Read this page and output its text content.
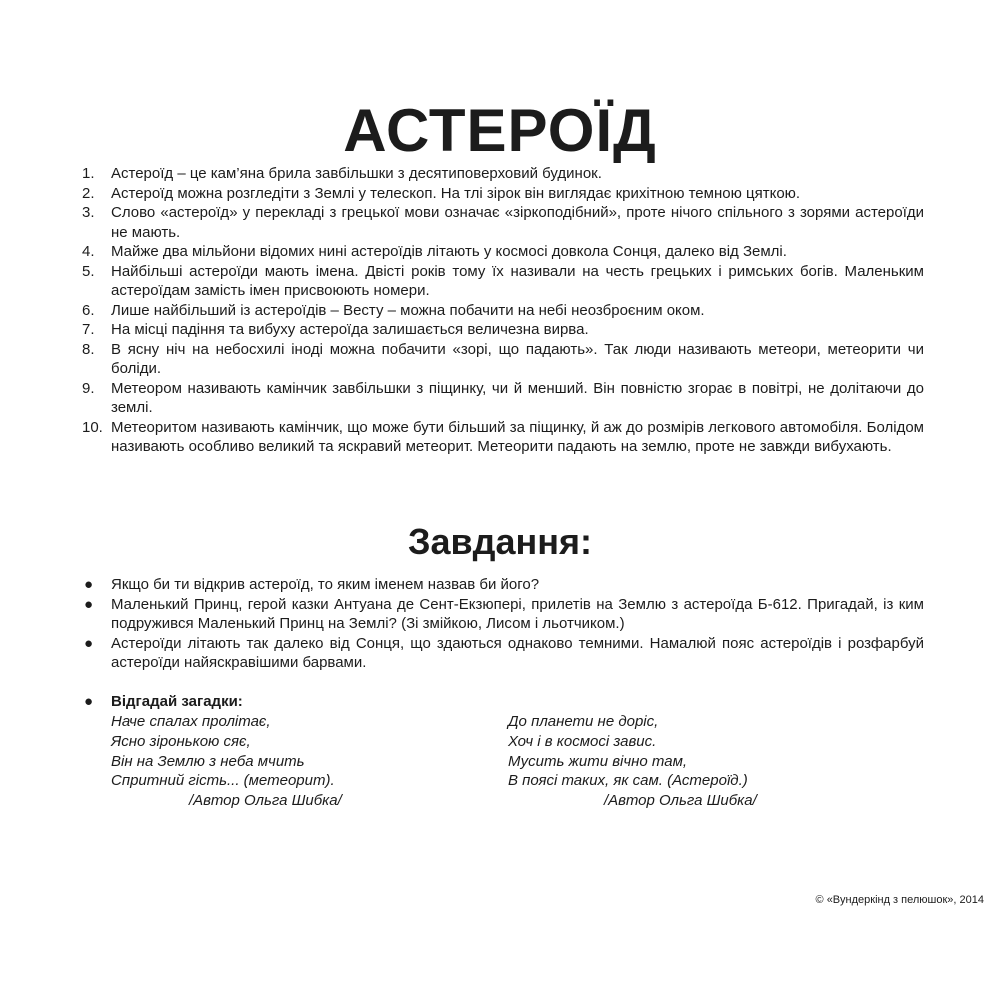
АСТЕРОЇД
1. Астероїд – це кам’яна брила завбільшки з десятиповерховий будинок.
2. Астероїд можна розгледіти з Землі у телескоп. На тлі зірок він виглядає крихітною темною цяткою.
3. Слово «астероїд» у перекладі з грецької мови означає «зіркоподібний», проте нічого спільного з зорями астероїди не мають.
4. Майже два мільйони відомих нині астероїдів літають у космосі довкола Сонця, далеко від Землі.
5. Найбільші астероїди мають імена. Двісті років тому їх називали на честь грецьких і римських богів. Маленьким астероїдам замість імен присвоюють номери.
6. Лише найбільший із астероїдів – Весту – можна побачити на небі неозброєним оком.
7. На місці падіння та вибуху астероїда залишається величезна вирва.
8. В ясну ніч на небосхилі іноді можна побачити «зорі, що падають». Так люди називають метеори, метеорити чи боліди.
9. Метеором називають камінчик завбільшки з піщинку, чи й менший. Він повністю згорає в повітрі, не долітаючи до землі.
10. Метеоритом називають камінчик, що може бути більший за піщинку, й аж до розмірів легкового автомобіля. Болідом називають особливо великий та яскравий метеорит. Метеорити падають на землю, проте не завжди вибухають.
Завдання:
● Якщо би ти відкрив астероїд, то яким іменем назвав би його?
● Маленький Принц, герой казки Антуана де Сент-Екзюпері, прилетів на Землю з астероїда Б-612. Пригадай, із ким подружився Маленький Принц на Землі? (Зі змійкою, Лисом і льотчиком.)
● Астероїди літають так далеко від Сонця, що здаються однаково темними. Намалюй пояс астероїдів і розфарбуй астероїди найяскравішими барвами.
● Відгадай загадки:
Наче спалах пролітає,
Ясно зіронькою сяє,
Він на Землю з неба мчить
Спритний гість... (метеорит).
/Автор Ольга Шибка/
До планети не доріс,
Хоч і в космосі завис.
Мусить жити вічно там,
В поясі таких, як сам. (Астероїд.)
/Автор Ольга Шибка/
© «Вундеркінд з пелюшок», 2014
